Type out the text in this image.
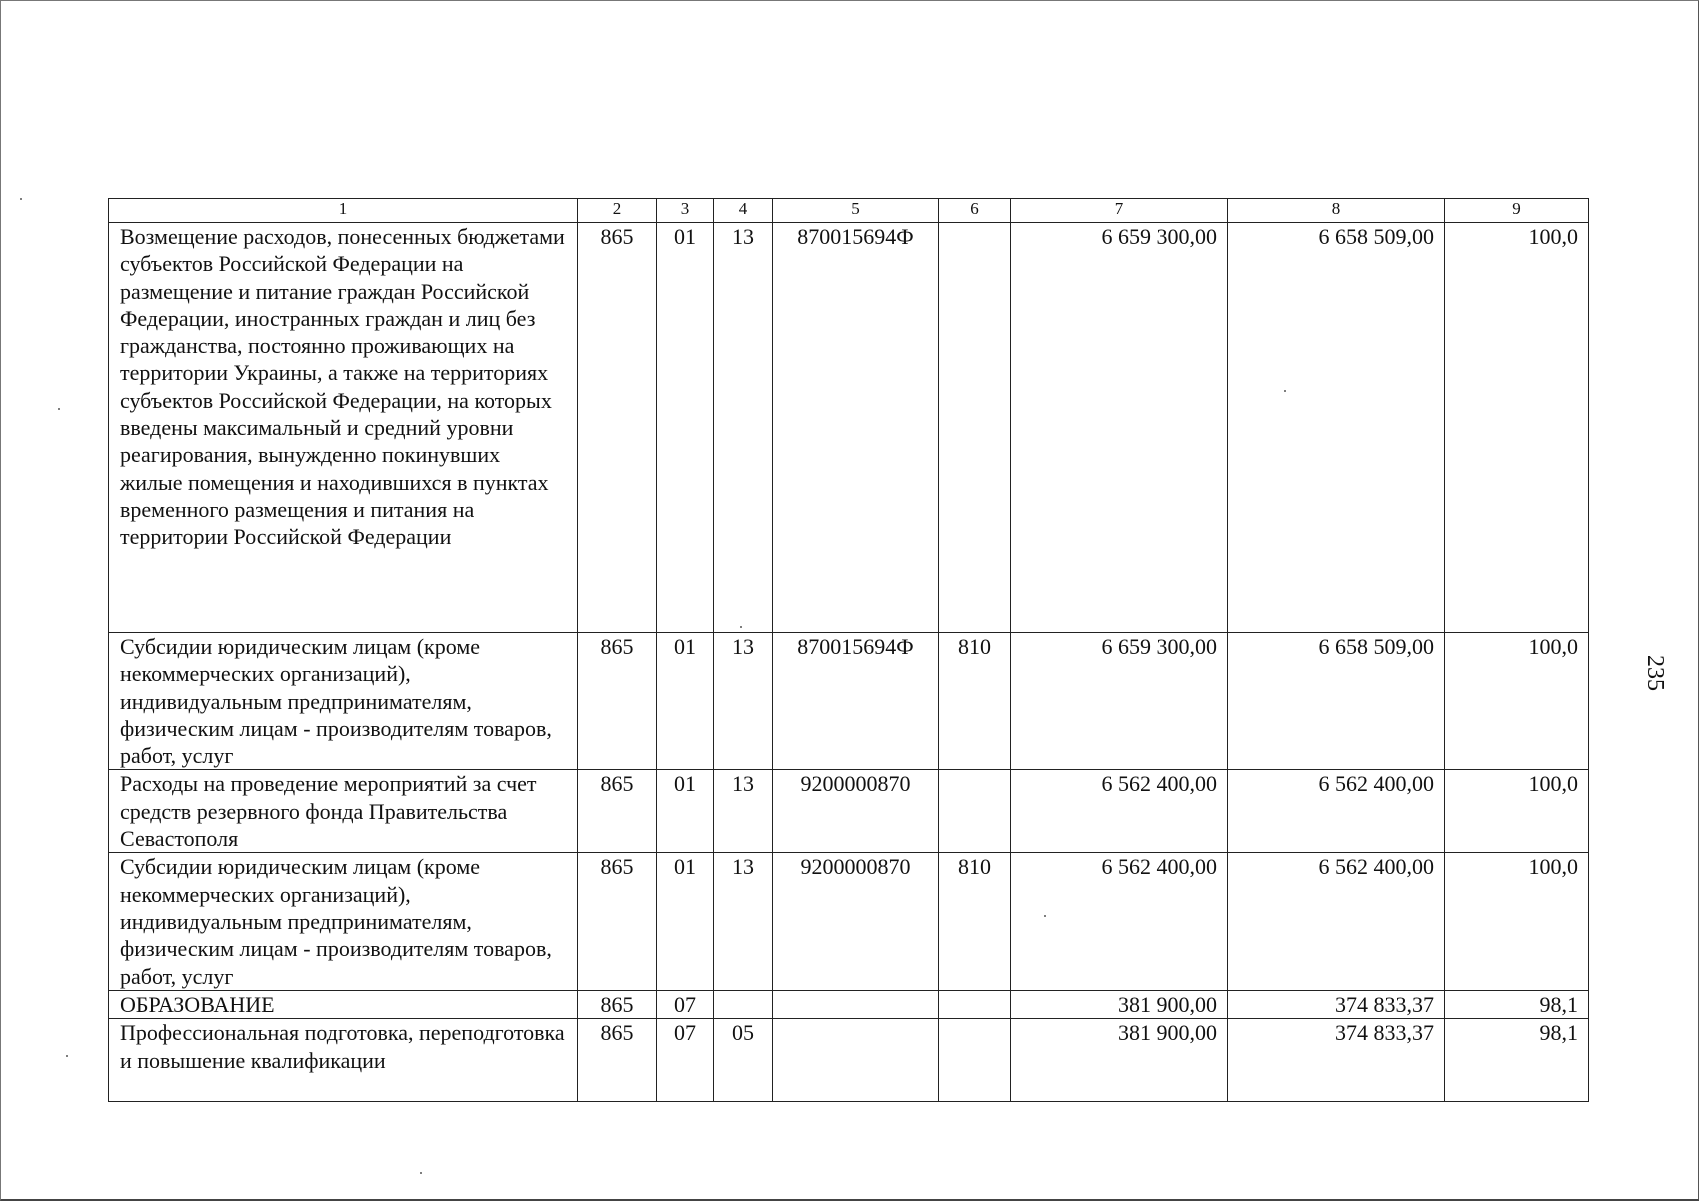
1	2	3	4	5	6	7	8	9
Возмещение расходов, понесенных бюджетами субъектов Российской Федерации на размещение и питание граждан Российской Федерации, иностранных граждан и лиц без гражданства, постоянно проживающих на территории Украины, а также на территориях субъектов Российской Федерации, на которых введены максимальный и средний уровни реагирования, вынужденно покинувших жилые помещения и находившихся в пунктах временного размещения и питания на территории Российской Федерации	865	01	13	870015694Ф		6 659 300,00	6 658 509,00	100,0
Субсидии юридическим лицам (кроме некоммерческих организаций), индивидуальным предпринимателям, физическим лицам - производителям товаров, работ, услуг	865	01	13	870015694Ф	810	6 659 300,00	6 658 509,00	100,0
Расходы на проведение мероприятий за счет средств резервного фонда Правительства Севастополя	865	01	13	9200000870		6 562 400,00	6 562 400,00	100,0
Субсидии юридическим лицам (кроме некоммерческих организаций), индивидуальным предпринимателям, физическим лицам - производителям товаров, работ, услуг	865	01	13	9200000870	810	6 562 400,00	6 562 400,00	100,0
ОБРАЗОВАНИЕ	865	07				381 900,00	374 833,37	98,1
Профессиональная подготовка, переподготовка и повышение квалификации	865	07	05			381 900,00	374 833,37	98,1
235
